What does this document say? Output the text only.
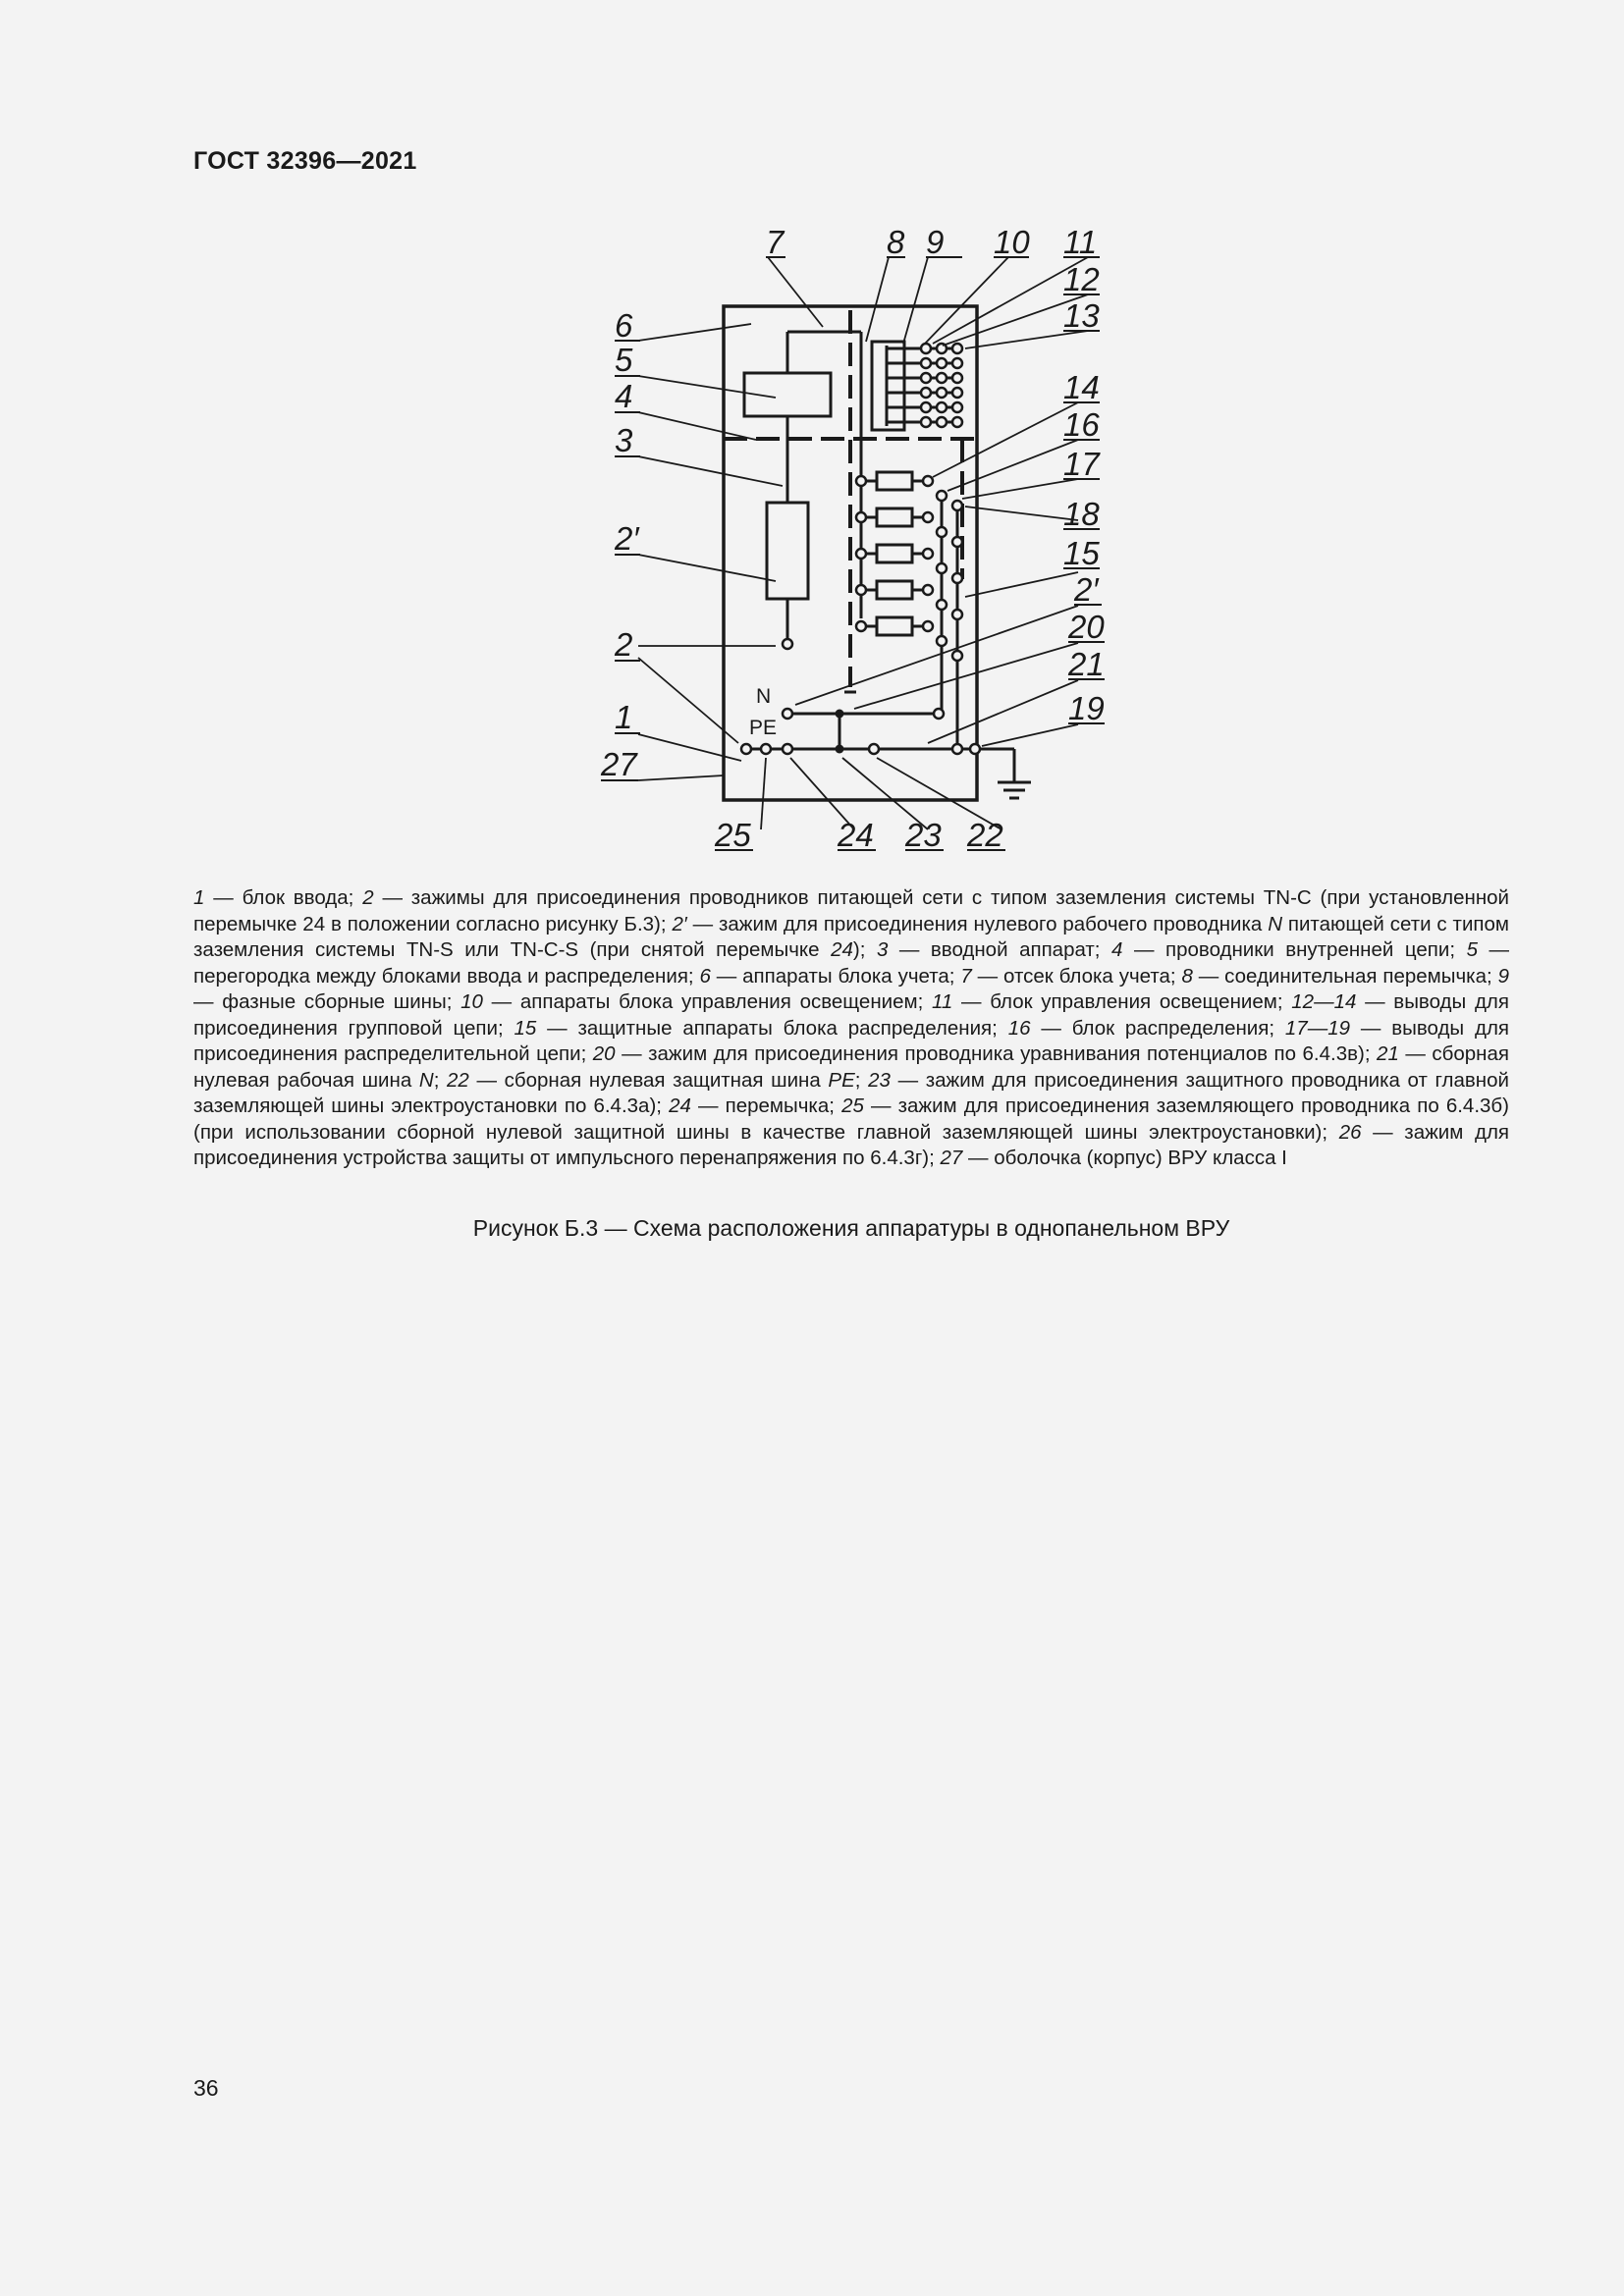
ГОСТ 32396—2021
N
PE
6
5
4
3
2′
2
1
27
7	8 9 10 11
12
13
14
16
17
18
15
2′
20
21
19
25	24 23 22

1 — блок ввода; 2 — зажимы для присоединения проводников питающей сети с типом заземления системы TN-C (при установленной перемычке 24 в положении согласно рисунку Б.3); 2′ — зажим для присоединения нулевого рабочего проводника N питающей сети с типом заземления системы TN-S или TN-C-S (при снятой перемычке 24); 3 — вводной аппарат; 4 — проводники внутренней цепи; 5 — перегородка между блоками ввода и распределения; 6 — аппараты блока учета; 7 — отсек блока учета; 8 — соединительная перемычка; 9 — фазные сборные шины; 10 — аппараты блока управления освещением; 11 — блок управления освещением; 12—14 — выводы для присоединения групповой цепи; 15 — защитные аппараты блока распределения; 16 — блок распределения; 17—19 — выводы для присоединения распределительной цепи; 20 — зажим для присоединения проводника уравнивания потенциалов по 6.4.3в); 21 — сборная нулевая рабочая шина N; 22 — сборная нулевая защитная шина PE; 23 — зажим для присоединения защитного проводника от главной заземляющей шины электроустановки по 6.4.3а); 24 — перемычка; 25 — зажим для присоединения заземляющего проводника по 6.4.3б) (при использовании сборной нулевой защитной шины в качестве главной заземляющей шины электроустановки); 26 — зажим для присоединения устройства защиты от импульсного перенапряжения по 6.4.3г); 27 — оболочка (корпус) ВРУ класса I

Рисунок Б.3 — Схема расположения аппаратуры в однопанельном ВРУ
36
